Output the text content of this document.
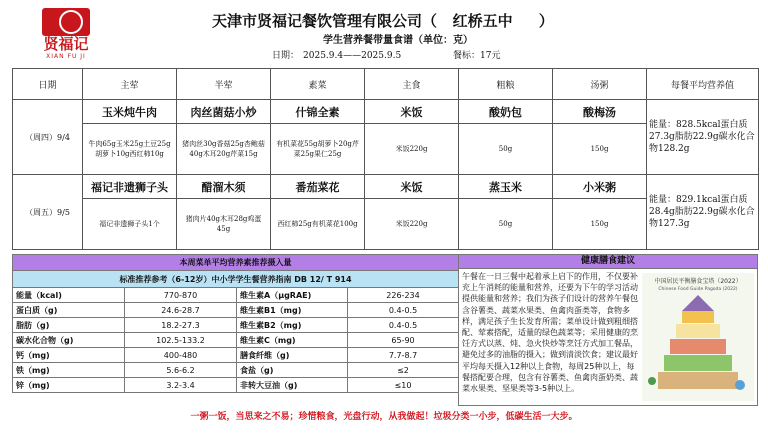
贤福记
XIAN FU JI
天津市贤福记餐饮管理有限公司（   红桥五中     ）
学生营养餐带量食谱（单位：克）
日期： 2025.9.4——2025.9.5	餐标：17元
日期	主荤	半荤	素菜	主食	粗粮	汤粥	每餐平均营养值
（周四）9/4	玉米炖牛肉	肉丝菌菇小炒	什锦全素	米饭	酸奶包	酸梅汤	能量：828.5kcal蛋白质27.3g脂肪22.9g碳水化合物128.2g
	牛肉65g玉米25g土豆25g胡萝卜10g西红柿10g	猪肉丝30g香菇25g杏鲍菇40g木耳20g芹菜15g	有机菜花55g胡萝卜20g芹菜25g果仁25g	米饭220g	50g	150g	
（周五）9/5	福记非遗狮子头	醋溜木须	番茄菜花	米饭	蒸玉米	小米粥	能量：829.1kcal蛋白质28.4g脂肪22.9g碳水化合物127.3g
	福记非遗狮子头1个	猪肉片40g木耳28g鸡蛋45g	西红柿25g有机菜花100g	米饭220g	50g	150g	
本周菜单平均营养素推荐摄入量			
标准推荐参考（6-12岁）中小学学生餐营养指南 DB 12/ T 914			
能量（kcal)	770-870	维生素A（μgRAE)	226-234
蛋白质（g)	24.6-28.7	维生素B1（mg)	0.4-0.5
脂肪（g)	18.2-27.3	维生素B2（mg)	0.4-0.5
碳水化合物（g)	102.5-133.2	维生素C（mg)	65-90
钙（mg)	400-480	膳食纤维（g)	7.7-8.7
铁（mg)	5.6-6.2	食盐（g)	≤2
锌（mg)	3.2-3.4	非转大豆油（g)	≤10
健康膳食建议
午餐在一日三餐中起着承上启下的作用，不仅要补充上午消耗的能量和营养，还要为下午的学习活动提供能量和营养；我们为孩子们设计的营养午餐包含谷薯类、蔬菜水果类、鱼禽肉蛋类等，食物多样，满足孩子生长发育所需；菜单设计做到粗细搭配、荤素搭配，适量的绿色蔬菜等；采用健康的烹饪方式以蒸、炖、急火快炒等烹饪方式加工餐品，避免过多的油脂的摄入；做到清淡饮食；建议最好平均每天摄入12种以上食物，每周25种以上，每餐搭配要合理，包含有谷薯类、鱼禽肉蛋奶类、蔬菜水果类、坚果类等3-5种以上。
中国居民平衡膳食宝塔（2022）
Chinese Food Guide Pagoda (2022)
一粥一饭，当思来之不易；珍惜粮食，光盘行动，从我做起！垃圾分类一小步，低碳生活一大步。
